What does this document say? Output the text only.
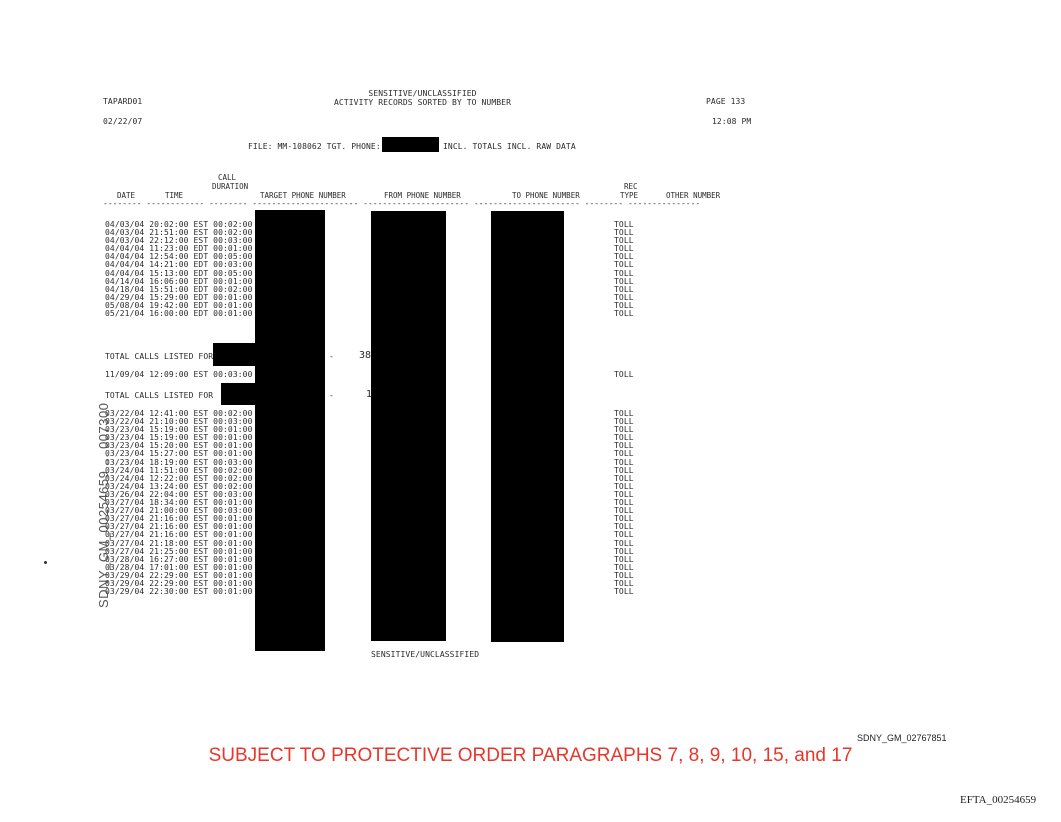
TAPARD01
02/22/07
SENSITIVE/UNCLASSIFIED
ACTIVITY RECORDS SORTED BY TO NUMBER	PAGE 133
12:08 PM
FILE: MM-108062 TGT. PHONE:	INCL. TOTALS INCL. RAW DATA
CALL
DURATION
DATE	TIME	TARGET PHONE NUMBER	FROM PHONE NUMBER	TO PHONE NUMBER
REC
TYPE	OTHER NUMBER
-------- ------------ -------- ---------------------- ---------------------- ---------------------- -------- ---------------
04/03/04 20:02:00 EST 00:02:00	TOLL
04/03/04 21:51:00 EST 00:02:00	TOLL
04/03/04 22:12:00 EST 00:03:00	TOLL
04/04/04 11:23:00 EDT 00:01:00	TOLL
04/04/04 12:54:00 EDT 00:05:00	TOLL
04/04/04 14:21:00 EDT 00:03:00	TOLL
04/04/04 15:13:00 EDT 00:05:00	TOLL
04/14/04 16:06:00 EDT 00:01:00	TOLL
04/18/04 15:51:00 EDT 00:02:00	TOLL
04/29/04 15:29:00 EDT 00:01:00	TOLL
05/08/04 19:42:00 EDT 00:01:00	TOLL
05/21/04 16:00:00 EDT 00:01:00	TOLL
TOTAL CALLS LISTED FOR	-	38
11/09/04 12:09:00 EST 00:03:00	TOLL
TOTAL CALLS LISTED FOR	-	1
03/22/04 12:41:00 EST 00:02:00	TOLL
03/22/04 21:10:00 EST 00:03:00	TOLL
03/23/04 15:19:00 EST 00:01:00	TOLL
03/23/04 15:19:00 EST 00:01:00	TOLL
03/23/04 15:20:00 EST 00:01:00	TOLL
03/23/04 15:27:00 EST 00:01:00	TOLL
03/23/04 18:19:00 EST 00:03:00	TOLL
03/24/04 11:51:00 EST 00:02:00	TOLL
03/24/04 12:22:00 EST 00:02:00	TOLL
03/24/04 13:24:00 EST 00:02:00	TOLL
03/26/04 22:04:00 EST 00:03:00	TOLL
03/27/04 18:34:00 EST 00:01:00	TOLL
03/27/04 21:00:00 EST 00:03:00	TOLL
03/27/04 21:16:00 EST 00:01:00	TOLL
03/27/04 21:16:00 EST 00:01:00	TOLL
03/27/04 21:16:00 EST 00:01:00	TOLL
03/27/04 21:18:00 EST 00:01:00	TOLL
03/27/04 21:25:00 EST 00:01:00	TOLL
03/28/04 16:27:00 EST 00:01:00	TOLL
03/28/04 17:01:00 EST 00:01:00	TOLL
03/29/04 22:29:00 EST 00:01:00	TOLL
03/29/04 22:29:00 EST 00:01:00	TOLL
03/29/04 22:30:00 EST 00:01:00	TOLL
SENSITIVE/UNCLASSIFIED
SDNY_GM_00254659 … 007300
SDNY_GM_02767851
SUBJECT TO PROTECTIVE ORDER PARAGRAPHS 7, 8, 9, 10, 15, and 17
EFTA_00254659
